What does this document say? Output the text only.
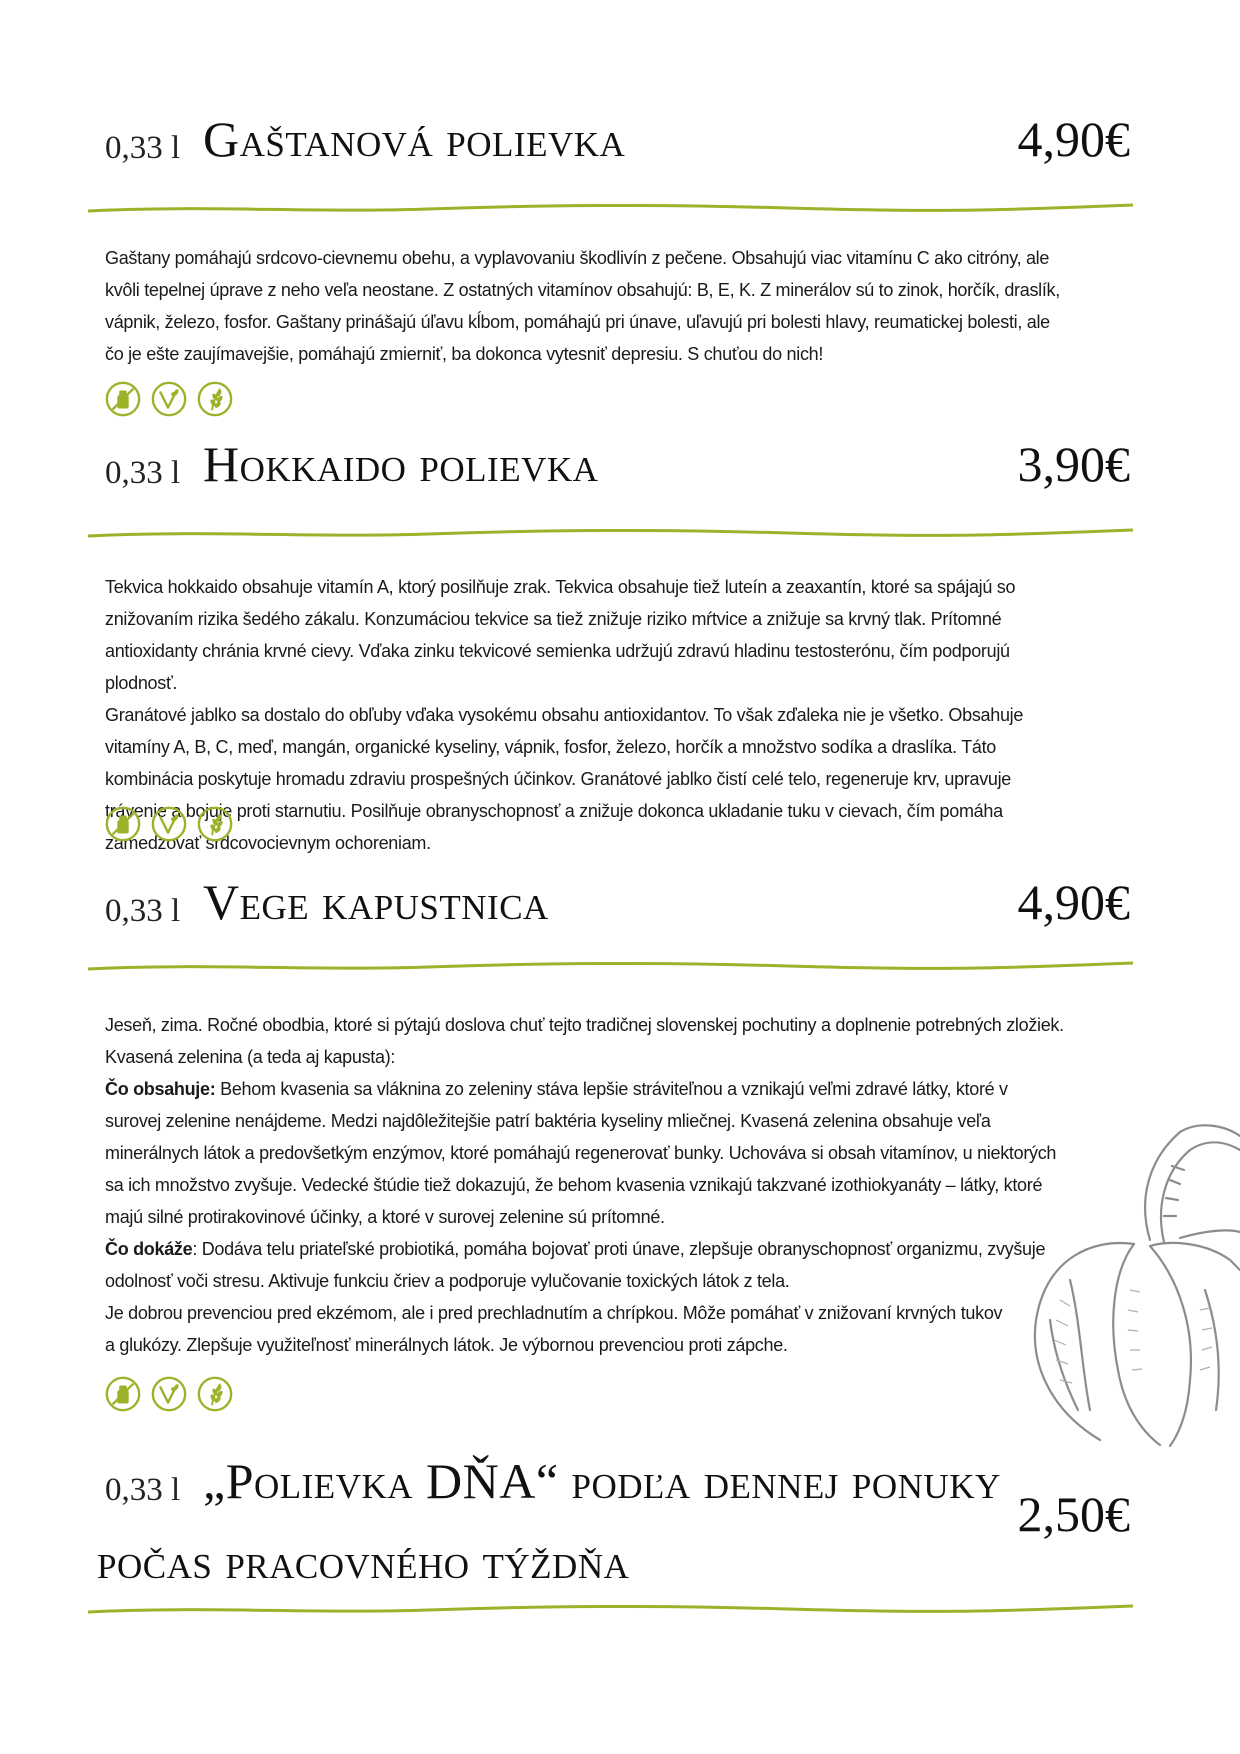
0,33 l Gaštanová polievka	4,90€

Gaštany pomáhajú srdcovo-cievnemu obehu, a vyplavovaniu škodlivín z pečene. Obsahujú viac vitamínu C ako citróny, ale kvôli tepelnej úprave z neho veľa neostane. Z ostatných vitamínov obsahujú: B, E, K. Z minerálov sú to zinok, horčík, draslík, vápnik, železo, fosfor. Gaštany prinášajú úľavu kĺbom, pomáhajú pri únave, uľavujú pri bolesti hlavy, reumatickej bolesti, ale čo je ešte zaujímavejšie, pomáhajú zmierniť, ba dokonca vytesniť depresiu. S chuťou do nich!

0,33 l Hokkaido polievka	3,90€

Tekvica hokkaido obsahuje vitamín A, ktorý posilňuje zrak. Tekvica obsahuje tiež luteín a zeaxantín, ktoré sa spájajú so znižovaním rizika šedého zákalu. Konzumáciou tekvice sa tiež znižuje riziko mŕtvice a znižuje sa krvný tlak. Prítomné antioxidanty chránia krvné cievy. Vďaka zinku tekvicové semienka udržujú zdravú hladinu testosterónu, čím podporujú plodnosť.

Granátové jablko sa dostalo do obľuby vďaka vysokému obsahu antioxidantov. To však zďaleka nie je všetko. Obsahuje vitamíny A, B, C, meď, mangán, organické kyseliny, vápnik, fosfor, železo, horčík a množstvo sodíka a draslíka. Táto kombinácia poskytuje hromadu zdraviu prospešných účinkov. Granátové jablko čistí celé telo, regeneruje krv, upravuje trávenie a bojuje proti starnutiu. Posilňuje obranyschopnosť a znižuje dokonca ukladanie tuku v cievach, čím pomáha zamedzovať srdcovocievnym ochoreniam.

0,33 l Vege kapustnica	4,90€

Jeseň, zima. Ročné obodbia, ktoré si pýtajú doslova chuť tejto tradičnej slovenskej pochutiny a doplnenie potrebných zložiek.

Kvasená zelenina (a teda aj kapusta):

Čo obsahuje: Behom kvasenia sa vláknina zo zeleniny stáva lepšie stráviteľnou a vznikajú veľmi zdravé látky, ktoré v surovej zelenine nenájdeme. Medzi najdôležitejšie patrí baktéria kyseliny mliečnej. Kvasená zelenina obsahuje veľa minerálnych látok a predovšetkým enzýmov, ktoré pomáhajú regenerovať bunky. Uchováva si obsah vitamínov, u niektorých sa ich množstvo zvyšuje. Vedecké štúdie tiež dokazujú, že behom kvasenia vznikajú takzvané izothiokyanáty – látky, ktoré majú silné protirakovinové účinky, a ktoré v surovej zelenine sú prítomné.

Čo dokáže: Dodáva telu priateľské probiotiká, pomáha bojovať proti únave, zlepšuje obranyschopnosť organizmu, zvyšuje odolnosť voči stresu. Aktivuje funkciu čriev a podporuje vylučovanie toxických látok z tela.

Je dobrou prevenciou pred ekzémom, ale i pred prechladnutím a chrípkou. Môže pomáhať v znižovaní krvných tukov a glukózy. Zlepšuje využiteľnosť minerálnych látok. Je výbornou prevenciou proti zápche.

0,33 l „Polievka DŇA“ podľa dennej ponuky
počas pracovného týždňa
2,50€
